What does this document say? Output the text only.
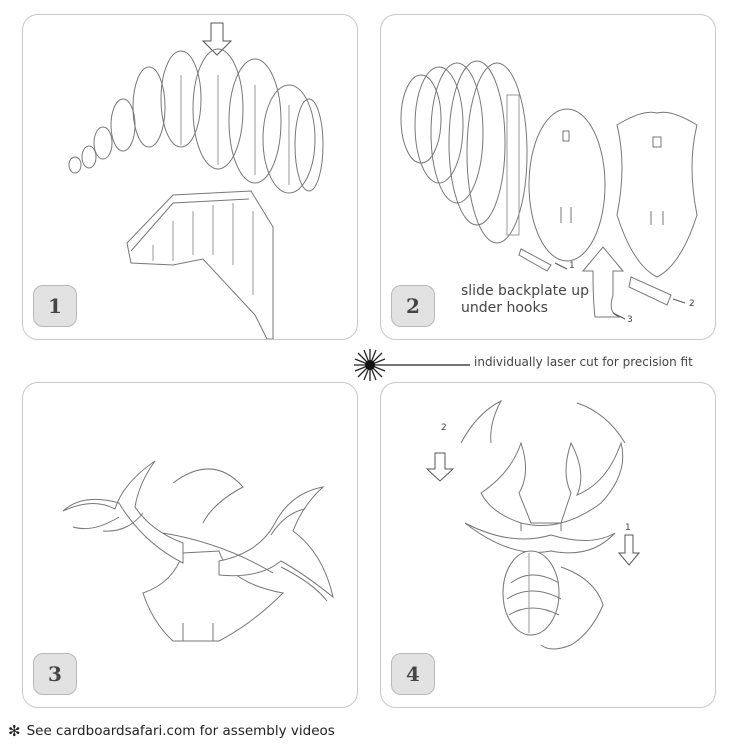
1	2
slide backplate up under hooks
1
2
3
individually laser cut for precision fit
3	4
2
1
✻ See cardboardsafari.com for assembly videos
